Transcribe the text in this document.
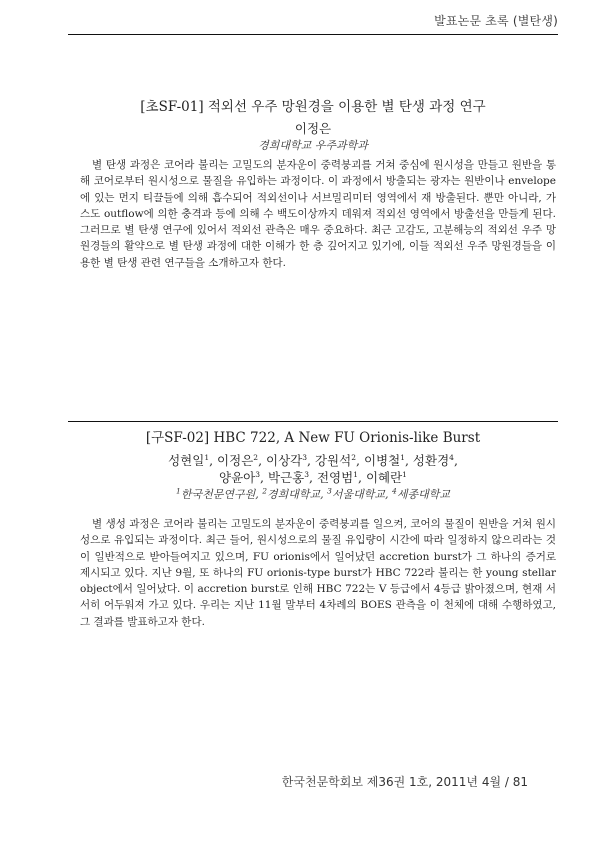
발표논문 초록 (별탄생)
[초SF-01] 적외선 우주 망원경을 이용한 별 탄생 과정 연구
이정은
경희대학교 우주과학과

별 탄생 과정은 코어라 불리는 고밀도의 분자운이 중력붕괴를 거쳐 중심에 원시성을 만들고 원반을 통해 코어로부터 원시성으로 물질을 유입하는 과정이다. 이 과정에서 방출되는 광자는 원반이나 envelope에 있는 먼지 티끌들에 의해 흡수되어 적외선이나 서브밀리미터 영역에서 재 방출된다. 뿐만 아니라, 가스도 outflow에 의한 충격과 등에 의해 수 백도이상까지 데워져 적외선 영역에서 방출선을 만들게 된다. 그러므로 별 탄생 연구에 있어서 적외선 관측은 매우 중요하다. 최근 고감도, 고분해능의 적외선 우주 망원경들의 활약으로 별 탄생 과정에 대한 이해가 한 층 깊어지고 있기에, 이들 적외선 우주 망원경들을 이용한 별 탄생 관련 연구들을 소개하고자 한다.

[구SF-02] HBC 722, A New FU Orionis-like Burst
성현일$^1$, 이정은$^2$, 이상각$^3$, 강원석$^2$, 이병철$^1$, 성환경$^4$,
양윤아$^3$, 박근홍$^3$, 전영범$^1$, 이혜란$^1$
$^1$한국천문연구원, $^2$경희대학교, $^3$서울대학교, $^4$세종대학교

별 생성 과정은 코어라 불리는 고밀도의 분자운이 중력붕괴를 일으켜, 코어의 물질이 원반을 거쳐 원시성으로 유입되는 과정이다. 최근 들어, 원시성으로의 물질 유입량이 시간에 따라 일정하지 않으리라는 것이 일반적으로 받아들여지고 있으며, FU orionis에서 일어났던 accretion burst가 그 하나의 증거로 제시되고 있다. 지난 9월, 또 하나의 FU orionis-type burst가 HBC 722라 불리는 한 young stellar object에서 일어났다. 이 accretion burst로 인해 HBC 722는 V 등급에서 4등급 밝아졌으며, 현재 서서히 어두워져 가고 있다. 우리는 지난 11월 말부터 4차례의 BOES 관측을 이 천체에 대해 수행하였고, 그 결과를 발표하고자 한다.

한국천문학회보 제36권 1호, 2011년 4월 / 81
